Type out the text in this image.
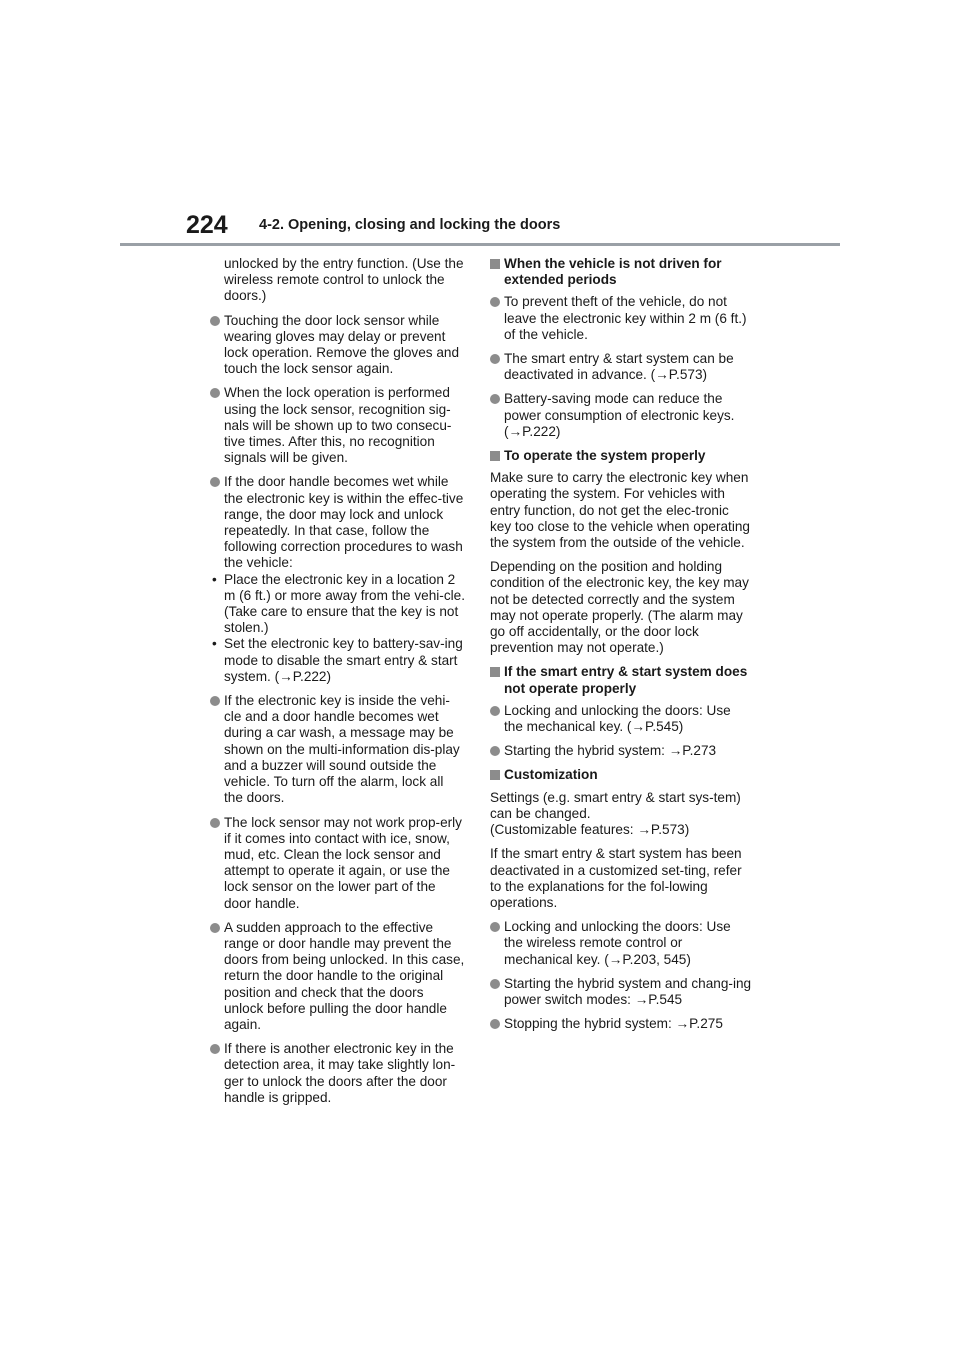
224 4-2. Opening, closing and locking the doors

unlocked by the entry function. (Use the wireless remote control to unlock the doors.)

Touching the door lock sensor while wearing gloves may delay or prevent lock operation. Remove the gloves and touch the lock sensor again.

When the lock operation is performed using the lock sensor, recognition sig-nals will be shown up to two consecu-tive times. After this, no recognition signals will be given.

If the door handle becomes wet while the electronic key is within the effec-tive range, the door may lock and unlock repeatedly. In that case, follow the following correction procedures to wash the vehicle:

• Place the electronic key in a location 2 m (6 ft.) or more away from the vehi-cle. (Take care to ensure that the key is not stolen.)

• Set the electronic key to battery-sav-ing mode to disable the smart entry & start system. (→P.222)

If the electronic key is inside the vehi-cle and a door handle becomes wet during a car wash, a message may be shown on the multi-information dis-play and a buzzer will sound outside the vehicle. To turn off the alarm, lock all the doors.

The lock sensor may not work prop-erly if it comes into contact with ice, snow, mud, etc. Clean the lock sensor and attempt to operate it again, or use the lock sensor on the lower part of the door handle.

A sudden approach to the effective range or door handle may prevent the doors from being unlocked. In this case, return the door handle to the original position and check that the doors unlock before pulling the door handle again.

If there is another electronic key in the detection area, it may take slightly lon-ger to unlock the doors after the door handle is gripped.

When the vehicle is not driven for extended periods

To prevent theft of the vehicle, do not leave the electronic key within 2 m (6 ft.) of the vehicle.

The smart entry & start system can be deactivated in advance. (→P.573)

Battery-saving mode can reduce the power consumption of electronic keys. (→P.222)

To operate the system properly

Make sure to carry the electronic key when operating the system. For vehicles with entry function, do not get the elec-tronic key too close to the vehicle when operating the system from the outside of the vehicle.

Depending on the position and holding condition of the electronic key, the key may not be detected correctly and the system may not operate properly. (The alarm may go off accidentally, or the door lock prevention may not operate.)

If the smart entry & start system does not operate properly

Locking and unlocking the doors: Use the mechanical key. (→P.545)

Starting the hybrid system: →P.273

Customization

Settings (e.g. smart entry & start sys-tem) can be changed.

(Customizable features: →P.573)

If the smart entry & start system has been deactivated in a customized set-ting, refer to the explanations for the fol-lowing operations.

Locking and unlocking the doors: Use the wireless remote control or mechanical key. (→P.203, 545)

Starting the hybrid system and chang-ing power switch modes: →P.545

Stopping the hybrid system: →P.275
